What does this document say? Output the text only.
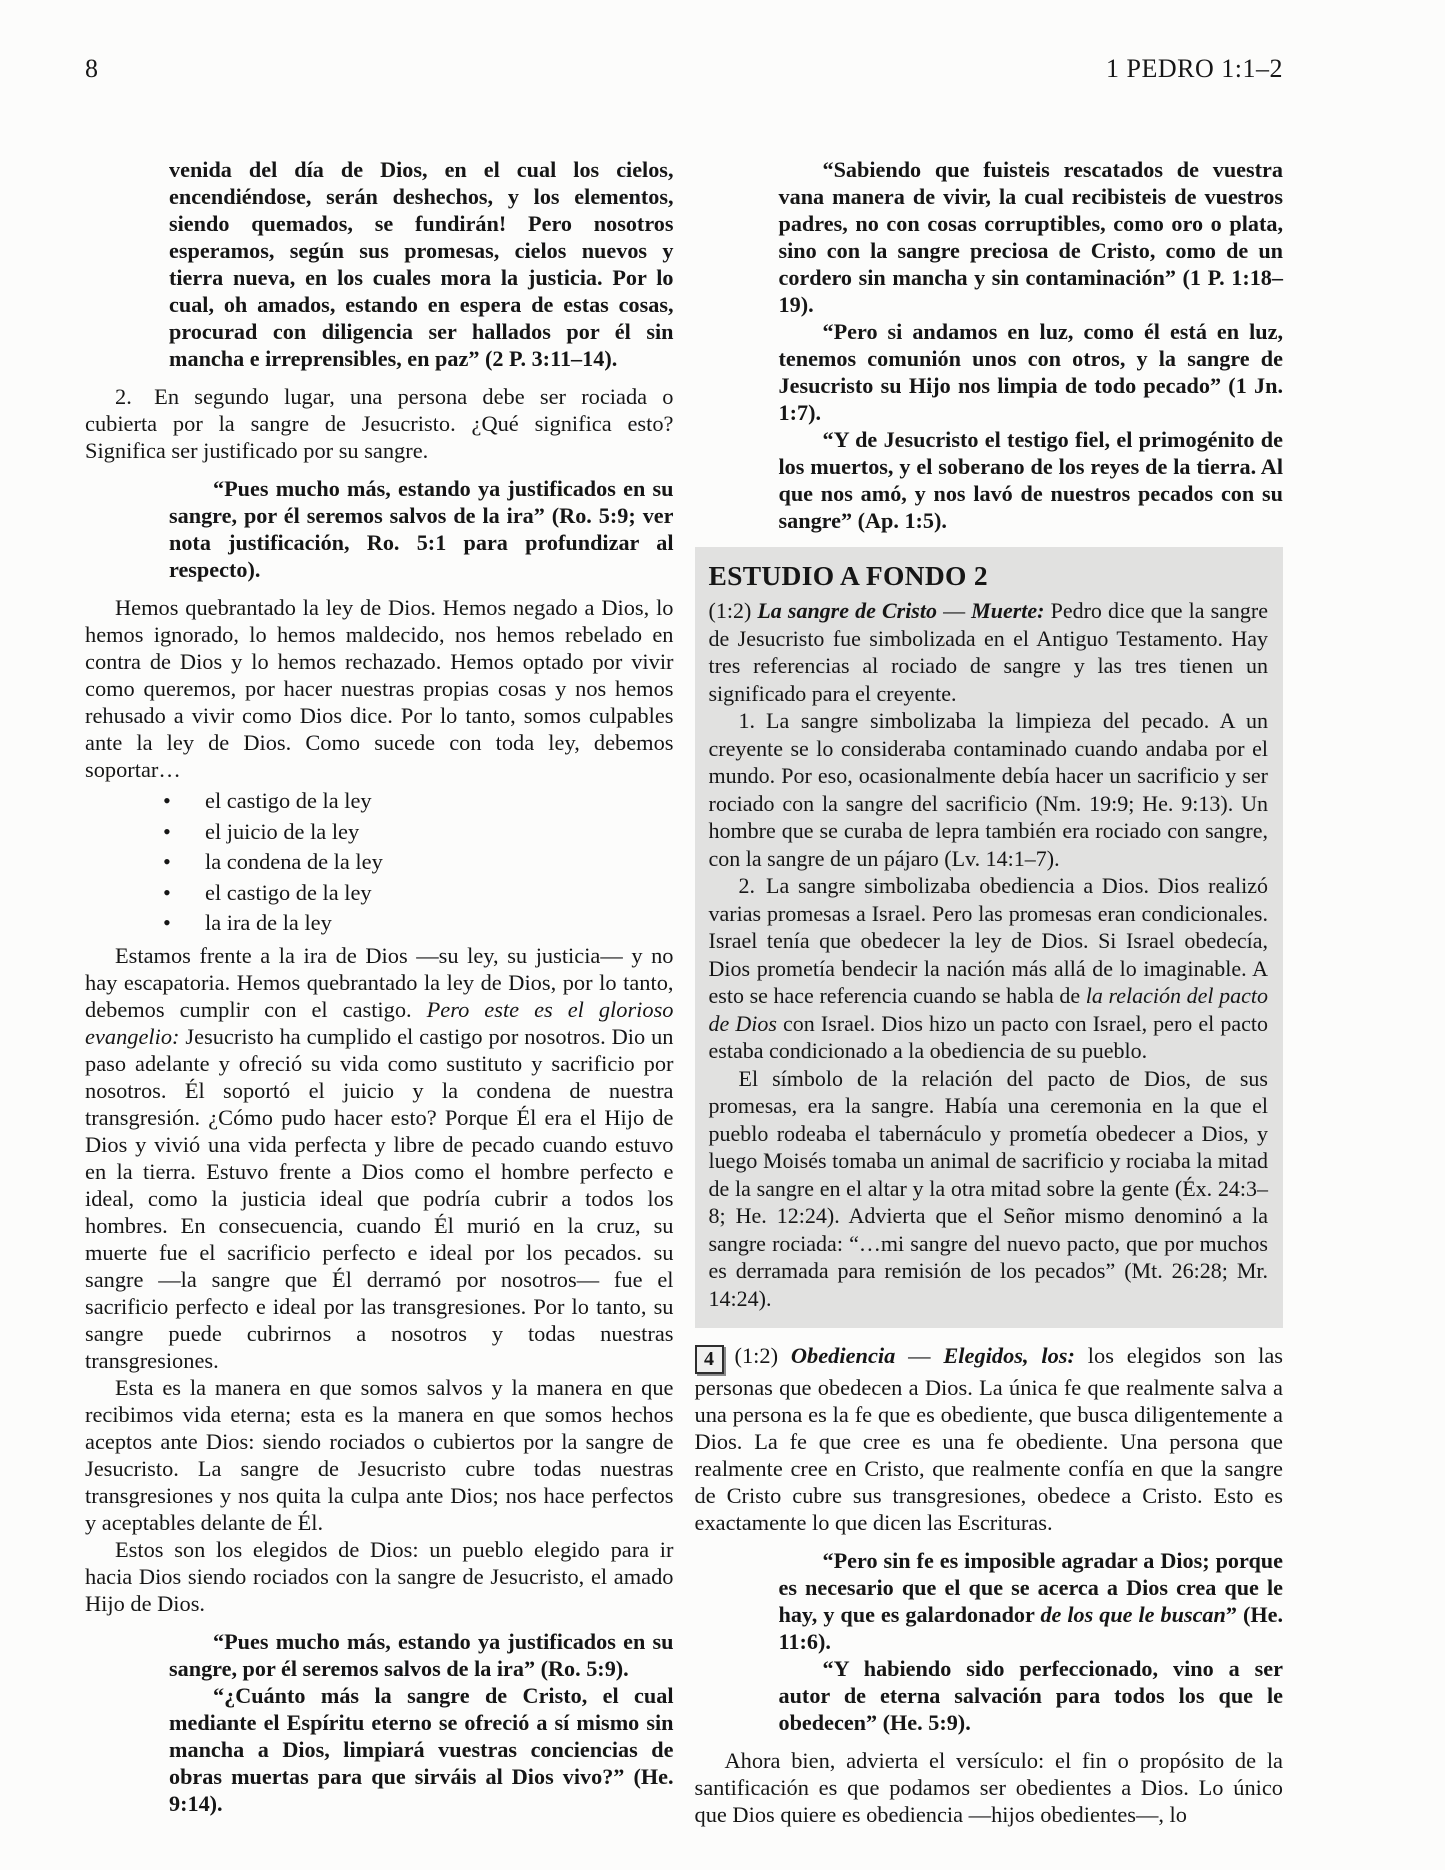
8	1 PEDRO 1:1–2

venida del día de Dios, en el cual los cielos, encendiéndose, serán deshechos, y los elementos, siendo quemados, se fundirán! Pero nosotros esperamos, según sus promesas, cielos nuevos y tierra nueva, en los cuales mora la justicia. Por lo cual, oh amados, estando en espera de estas cosas, procurad con diligencia ser hallados por él sin mancha e irreprensibles, en paz” (2 P. 3:11–14).

2. En segundo lugar, una persona debe ser rociada o cubierta por la sangre de Jesucristo. ¿Qué significa esto? Significa ser justificado por su sangre.

“Pues mucho más, estando ya justificados en su sangre, por él seremos salvos de la ira” (Ro. 5:9; ver nota justificación, Ro. 5:1 para profundizar al respecto).

Hemos quebrantado la ley de Dios. Hemos negado a Dios, lo hemos ignorado, lo hemos maldecido, nos hemos rebelado en contra de Dios y lo hemos rechazado. Hemos optado por vivir como queremos, por hacer nuestras propias cosas y nos hemos rehusado a vivir como Dios dice. Por lo tanto, somos culpables ante la ley de Dios. Como sucede con toda ley, debemos soportar…

• el castigo de la ley
• el juicio de la ley
• la condena de la ley
• el castigo de la ley
• la ira de la ley

Estamos frente a la ira de Dios —su ley, su justicia— y no hay escapatoria. Hemos quebrantado la ley de Dios, por lo tanto, debemos cumplir con el castigo. Pero este es el glorioso evangelio: Jesucristo ha cumplido el castigo por nosotros. Dio un paso adelante y ofreció su vida como sustituto y sacrificio por nosotros. Él soportó el juicio y la condena de nuestra transgresión. ¿Cómo pudo hacer esto? Porque Él era el Hijo de Dios y vivió una vida perfecta y libre de pecado cuando estuvo en la tierra. Estuvo frente a Dios como el hombre perfecto e ideal, como la justicia ideal que podría cubrir a todos los hombres. En consecuencia, cuando Él murió en la cruz, su muerte fue el sacrificio perfecto e ideal por los pecados. su sangre —la sangre que Él derramó por nosotros— fue el sacrificio perfecto e ideal por las transgresiones. Por lo tanto, su sangre puede cubrirnos a nosotros y todas nuestras transgresiones.

Esta es la manera en que somos salvos y la manera en que recibimos vida eterna; esta es la manera en que somos hechos aceptos ante Dios: siendo rociados o cubiertos por la sangre de Jesucristo. La sangre de Jesucristo cubre todas nuestras transgresiones y nos quita la culpa ante Dios; nos hace perfectos y aceptables delante de Él.

Estos son los elegidos de Dios: un pueblo elegido para ir hacia Dios siendo rociados con la sangre de Jesucristo, el amado Hijo de Dios.

“Pues mucho más, estando ya justificados en su sangre, por él seremos salvos de la ira” (Ro. 5:9).

“¿Cuánto más la sangre de Cristo, el cual mediante el Espíritu eterno se ofreció a sí mismo sin mancha a Dios, limpiará vuestras conciencias de obras muertas para que sirváis al Dios vivo?” (He. 9:14).

“Sabiendo que fuisteis rescatados de vuestra vana manera de vivir, la cual recibisteis de vuestros padres, no con cosas corruptibles, como oro o plata, sino con la sangre preciosa de Cristo, como de un cordero sin mancha y sin contaminación” (1 P. 1:18–19).

“Pero si andamos en luz, como él está en luz, tenemos comunión unos con otros, y la sangre de Jesucristo su Hijo nos limpia de todo pecado” (1 Jn. 1:7).

“Y de Jesucristo el testigo fiel, el primogénito de los muertos, y el soberano de los reyes de la tierra. Al que nos amó, y nos lavó de nuestros pecados con su sangre” (Ap. 1:5).

ESTUDIO A FONDO 2

(1:2) La sangre de Cristo — Muerte: Pedro dice que la sangre de Jesucristo fue simbolizada en el Antiguo Testamento. Hay tres referencias al rociado de sangre y las tres tienen un significado para el creyente.

1. La sangre simbolizaba la limpieza del pecado. A un creyente se lo consideraba contaminado cuando andaba por el mundo. Por eso, ocasionalmente debía hacer un sacrificio y ser rociado con la sangre del sacrificio (Nm. 19:9; He. 9:13). Un hombre que se curaba de lepra también era rociado con sangre, con la sangre de un pájaro (Lv. 14:1–7).

2. La sangre simbolizaba obediencia a Dios. Dios realizó varias promesas a Israel. Pero las promesas eran condicionales. Israel tenía que obedecer la ley de Dios. Si Israel obedecía, Dios prometía bendecir la nación más allá de lo imaginable. A esto se hace referencia cuando se habla de la relación del pacto de Dios con Israel. Dios hizo un pacto con Israel, pero el pacto estaba condicionado a la obediencia de su pueblo.

El símbolo de la relación del pacto de Dios, de sus promesas, era la sangre. Había una ceremonia en la que el pueblo rodeaba el tabernáculo y prometía obedecer a Dios, y luego Moisés tomaba un animal de sacrificio y rociaba la mitad de la sangre en el altar y la otra mitad sobre la gente (Éx. 24:3–8; He. 12:24). Advierta que el Señor mismo denominó a la sangre rociada: “…mi sangre del nuevo pacto, que por muchos es derramada para remisión de los pecados” (Mt. 26:28; Mr. 14:24).

4 (1:2) Obediencia — Elegidos, los: los elegidos son las personas que obedecen a Dios. La única fe que realmente salva a una persona es la fe que es obediente, que busca diligentemente a Dios. La fe que cree es una fe obediente. Una persona que realmente cree en Cristo, que realmente confía en que la sangre de Cristo cubre sus transgresiones, obedece a Cristo. Esto es exactamente lo que dicen las Escrituras.

“Pero sin fe es imposible agradar a Dios; porque es necesario que el que se acerca a Dios crea que le hay, y que es galardonador de los que le buscan” (He. 11:6).

“Y habiendo sido perfeccionado, vino a ser autor de eterna salvación para todos los que le obedecen” (He. 5:9).

Ahora bien, advierta el versículo: el fin o propósito de la santificación es que podamos ser obedientes a Dios. Lo único que Dios quiere es obediencia —hijos obedientes—, lo
